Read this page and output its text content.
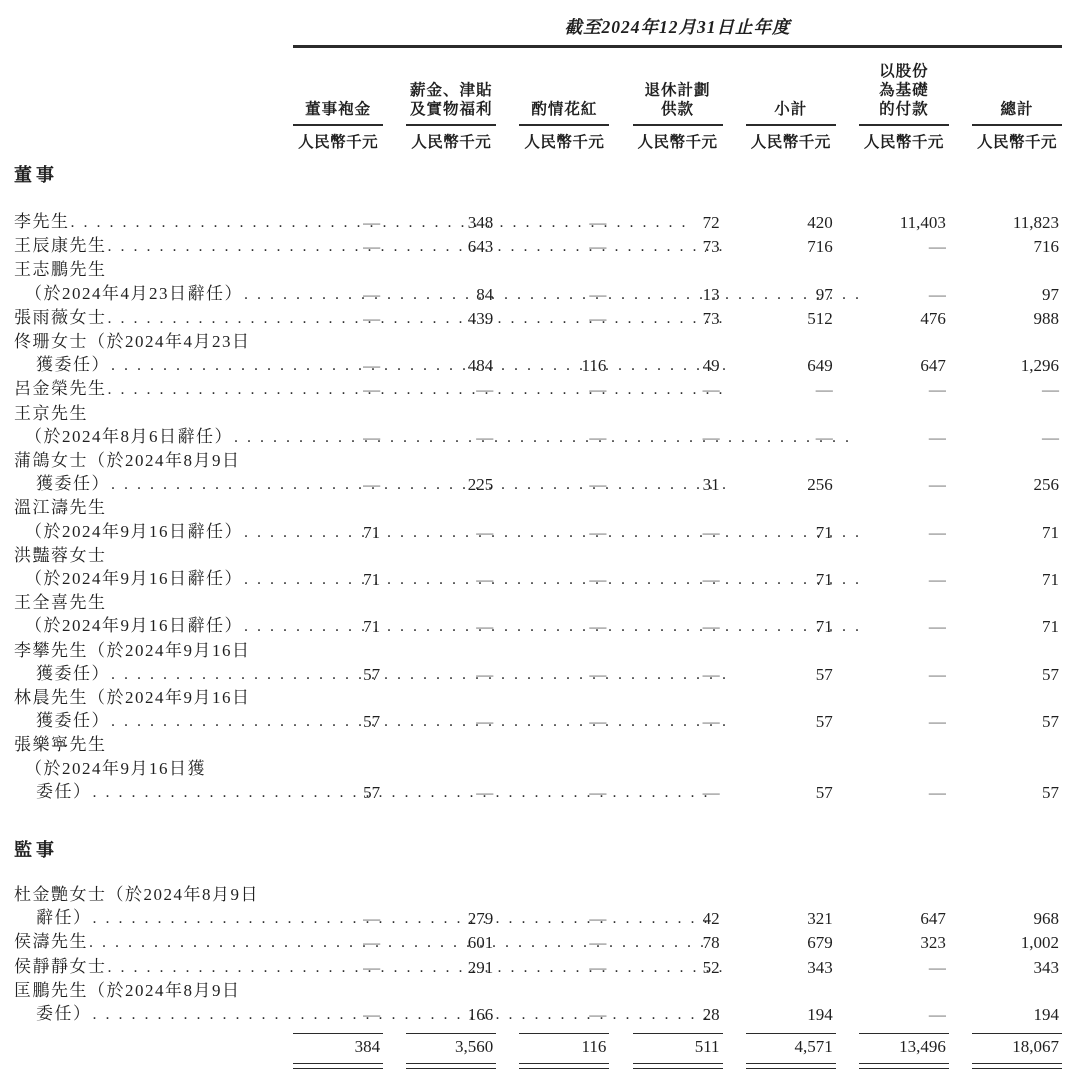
	截至2024年12月31日止年度						

董事袍金

薪金、津貼
及實物福利	酌情花紅

退休計劃
供款	小計

以股份
為基礎
的付款	總計

	人民幣千元	人民幣千元	人民幣千元	人民幣千元	人民幣千元	人民幣千元	人民幣千元

董事							

李先生
. . .	—	348	—	72	420	11,403	11,823

王辰康先生
. . .	—	643	—	73	716	—	716

王志鵬先生
（於2024年4月23日辭任）
. . .	—	84	—	13	97	—	97

張雨薇女士
. . .	—	439	—	73	512	476	988

佟珊女士（於2024年4月23日
獲委任）
. . .	—	484	116	49	649	647	1,296

呂金榮先生
. . .	—	—	—	—	—	—	—

王京先生
（於2024年8月6日辭任）
. . .	—	—	—	—	—	—	—

蒲鴿女士（於2024年8月9日
獲委任）
. . .	—	225	—	31	256	—	256

溫江濤先生
（於2024年9月16日辭任）
. . .	71	—	—	—	71	—	71

洪豔蓉女士
（於2024年9月16日辭任）
. . .	71	—	—	—	71	—	71

王全喜先生
（於2024年9月16日辭任）
. . .	71	—	—	—	71	—	71

李攀先生（於2024年9月16日
獲委任）
. . .	57	—	—	—	57	—	57

林晨先生（於2024年9月16日
獲委任）
. . .	57	—	—	—	57	—	57

張樂寧先生
（於2024年9月16日獲
委任）
. . .	57	—	—	—	57	—	57
監事							

杜金艷女士（於2024年8月9日
辭任）
. . .	—	279	—	42	321	647	968

侯濤先生
. . .	—	601	—	78	679	323	1,002

侯靜靜女士
. . .	—	291	—	52	343	—	343

匡鵬先生（於2024年8月9日
委任）
. . .	—	166	—	28	194	—	194

	384	3,560	116	511	4,571	13,496	18,067
